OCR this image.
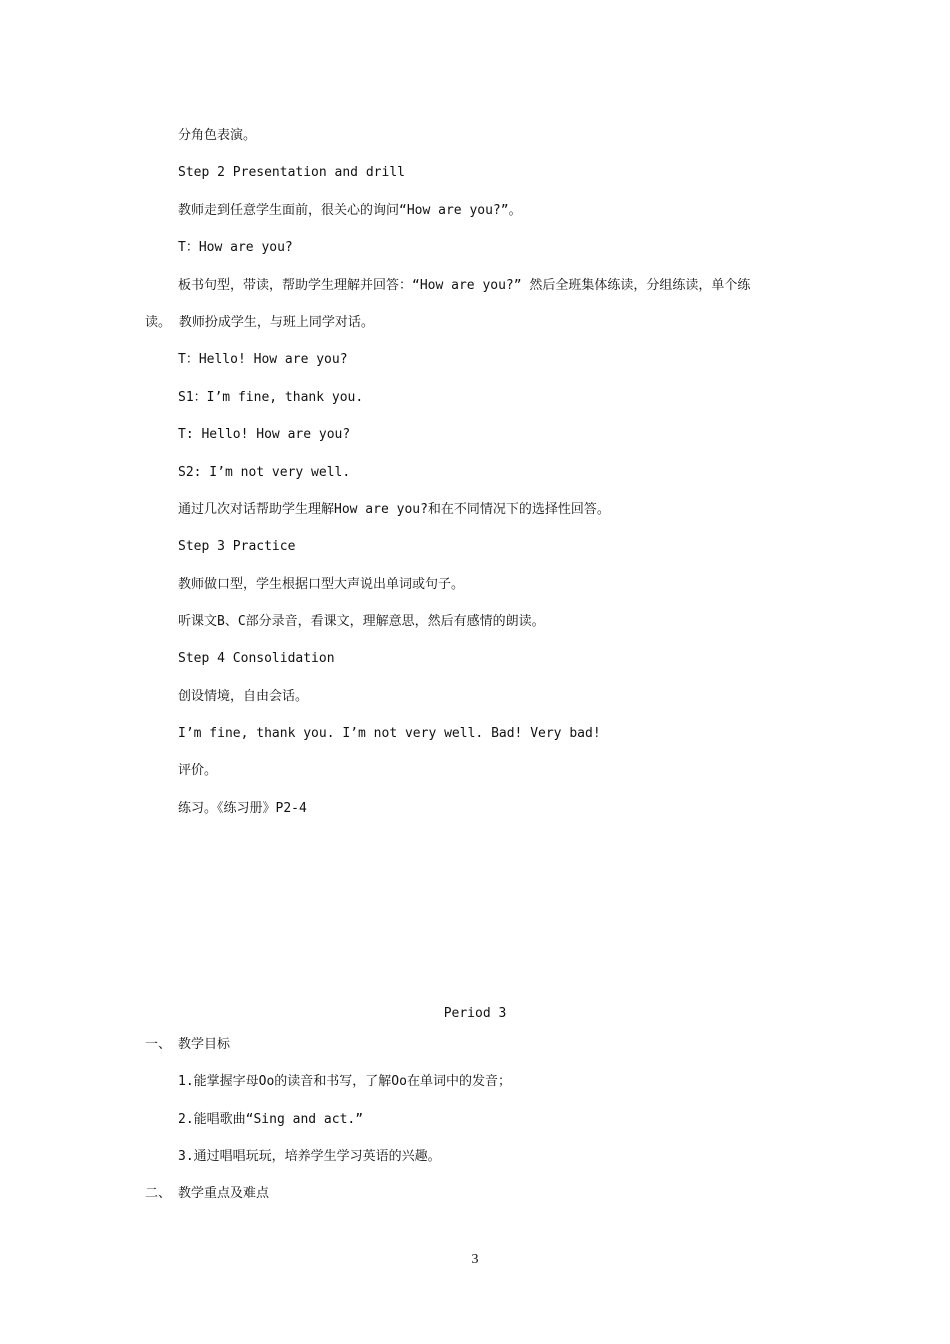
分角色表演。
Step 2 Presentation and drill
教师走到任意学生面前，很关心的询问“How are you?”。
T：How are you?
板书句型，带读，帮助学生理解并回答：“How are you?” 然后全班集体练读，分组练读，单个练
读。 教师扮成学生，与班上同学对话。
T：Hello! How are you?
S1：I’m fine, thank you.
T: Hello! How are you?
S2: I’m not very well.
通过几次对话帮助学生理解How are you?和在不同情况下的选择性回答。
Step 3 Practice
教师做口型，学生根据口型大声说出单词或句子。
听课文B、C部分录音，看课文，理解意思，然后有感情的朗读。
Step 4 Consolidation
创设情境，自由会话。
I’m fine, thank you. I’m not very well. Bad! Very bad!
评价。
练习。《练习册》P2-4
Period 3
一、 教学目标
1.能掌握字母Oo的读音和书写，了解Oo在单词中的发音；
2.能唱歌曲“Sing and act.”
3.通过唱唱玩玩，培养学生学习英语的兴趣。
二、 教学重点及难点
3
